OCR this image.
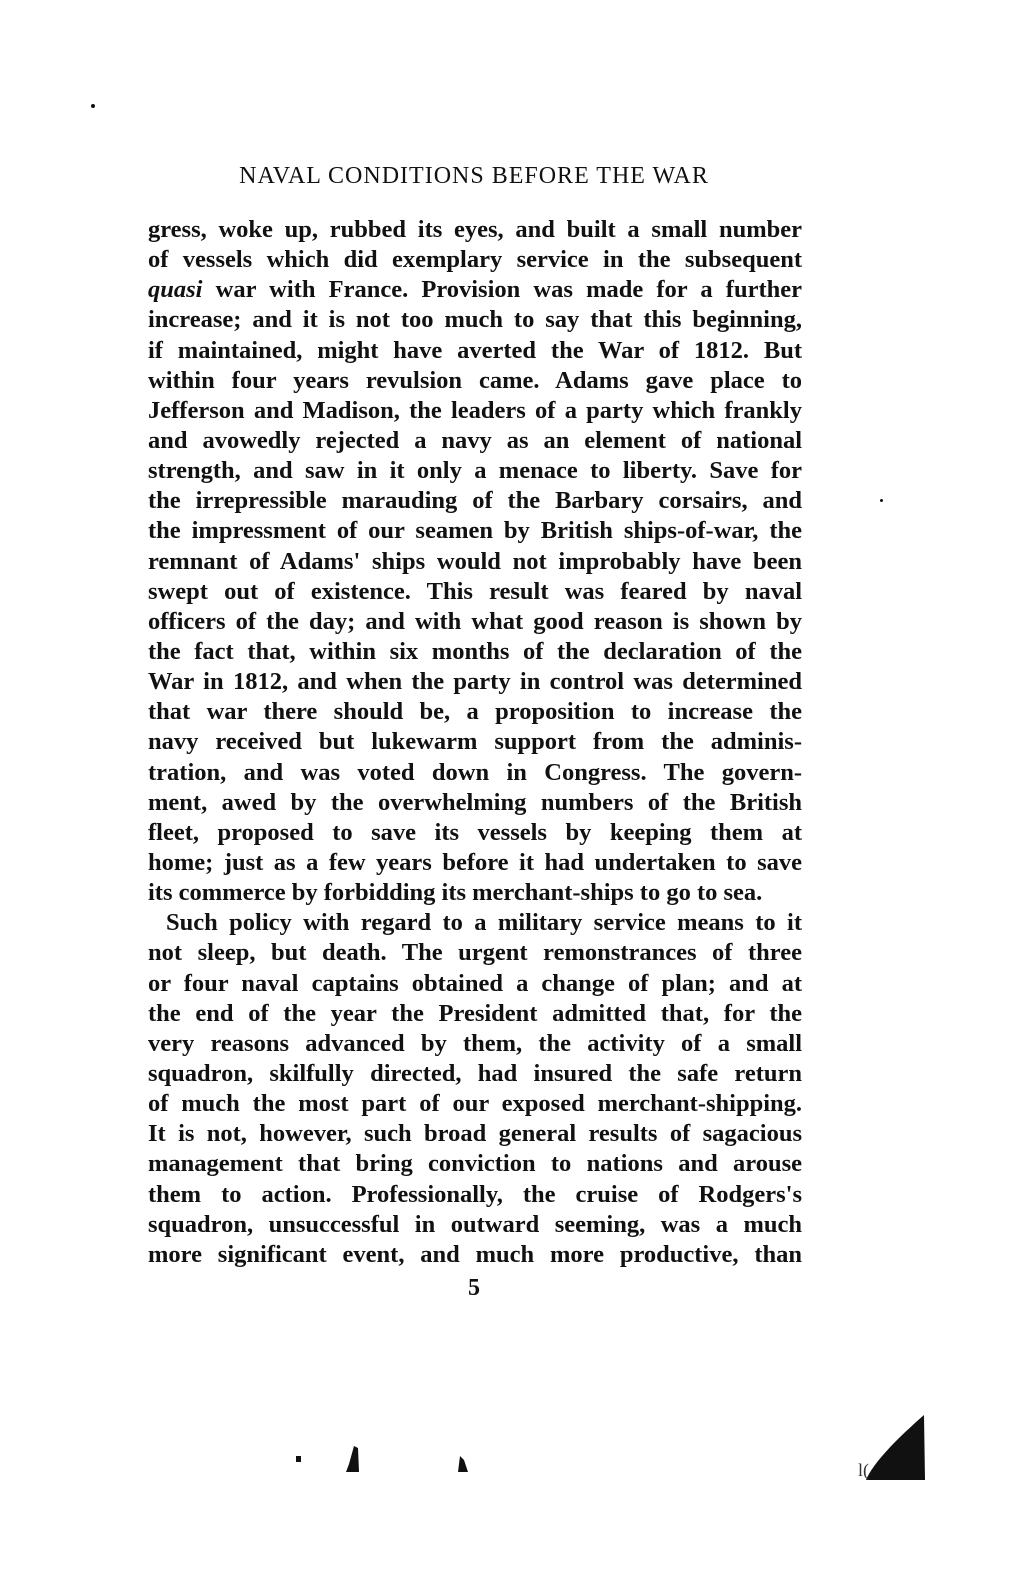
NAVAL CONDITIONS BEFORE THE WAR
gress, woke up, rubbed its eyes, and built a small number
of vessels which did exemplary service in the subsequent
quasi war with France. Provision was made for a further
increase; and it is not too much to say that this beginning,
if maintained, might have averted the War of 1812. But
within four years revulsion came. Adams gave place to
Jefferson and Madison, the leaders of a party which frankly
and avowedly rejected a navy as an element of national
strength, and saw in it only a menace to liberty. Save for
the irrepressible marauding of the Barbary corsairs, and
the impressment of our seamen by British ships-of-war, the
remnant of Adams' ships would not improbably have been
swept out of existence. This result was feared by naval
officers of the day; and with what good reason is shown by
the fact that, within six months of the declaration of the
War in 1812, and when the party in control was determined
that war there should be, a proposition to increase the
navy received but lukewarm support from the adminis-
tration, and was voted down in Congress. The govern-
ment, awed by the overwhelming numbers of the British
fleet, proposed to save its vessels by keeping them at
home; just as a few years before it had undertaken to save
its commerce by forbidding its merchant-ships to go to sea.
Such policy with regard to a military service means to it
not sleep, but death. The urgent remonstrances of three
or four naval captains obtained a change of plan; and at
the end of the year the President admitted that, for the
very reasons advanced by them, the activity of a small
squadron, skilfully directed, had insured the safe return
of much the most part of our exposed merchant-shipping.
It is not, however, such broad general results of sagacious
management that bring conviction to nations and arouse
them to action. Professionally, the cruise of Rodgers's
squadron, unsuccessful in outward seeming, was a much
more significant event, and much more productive, than
5
l(
